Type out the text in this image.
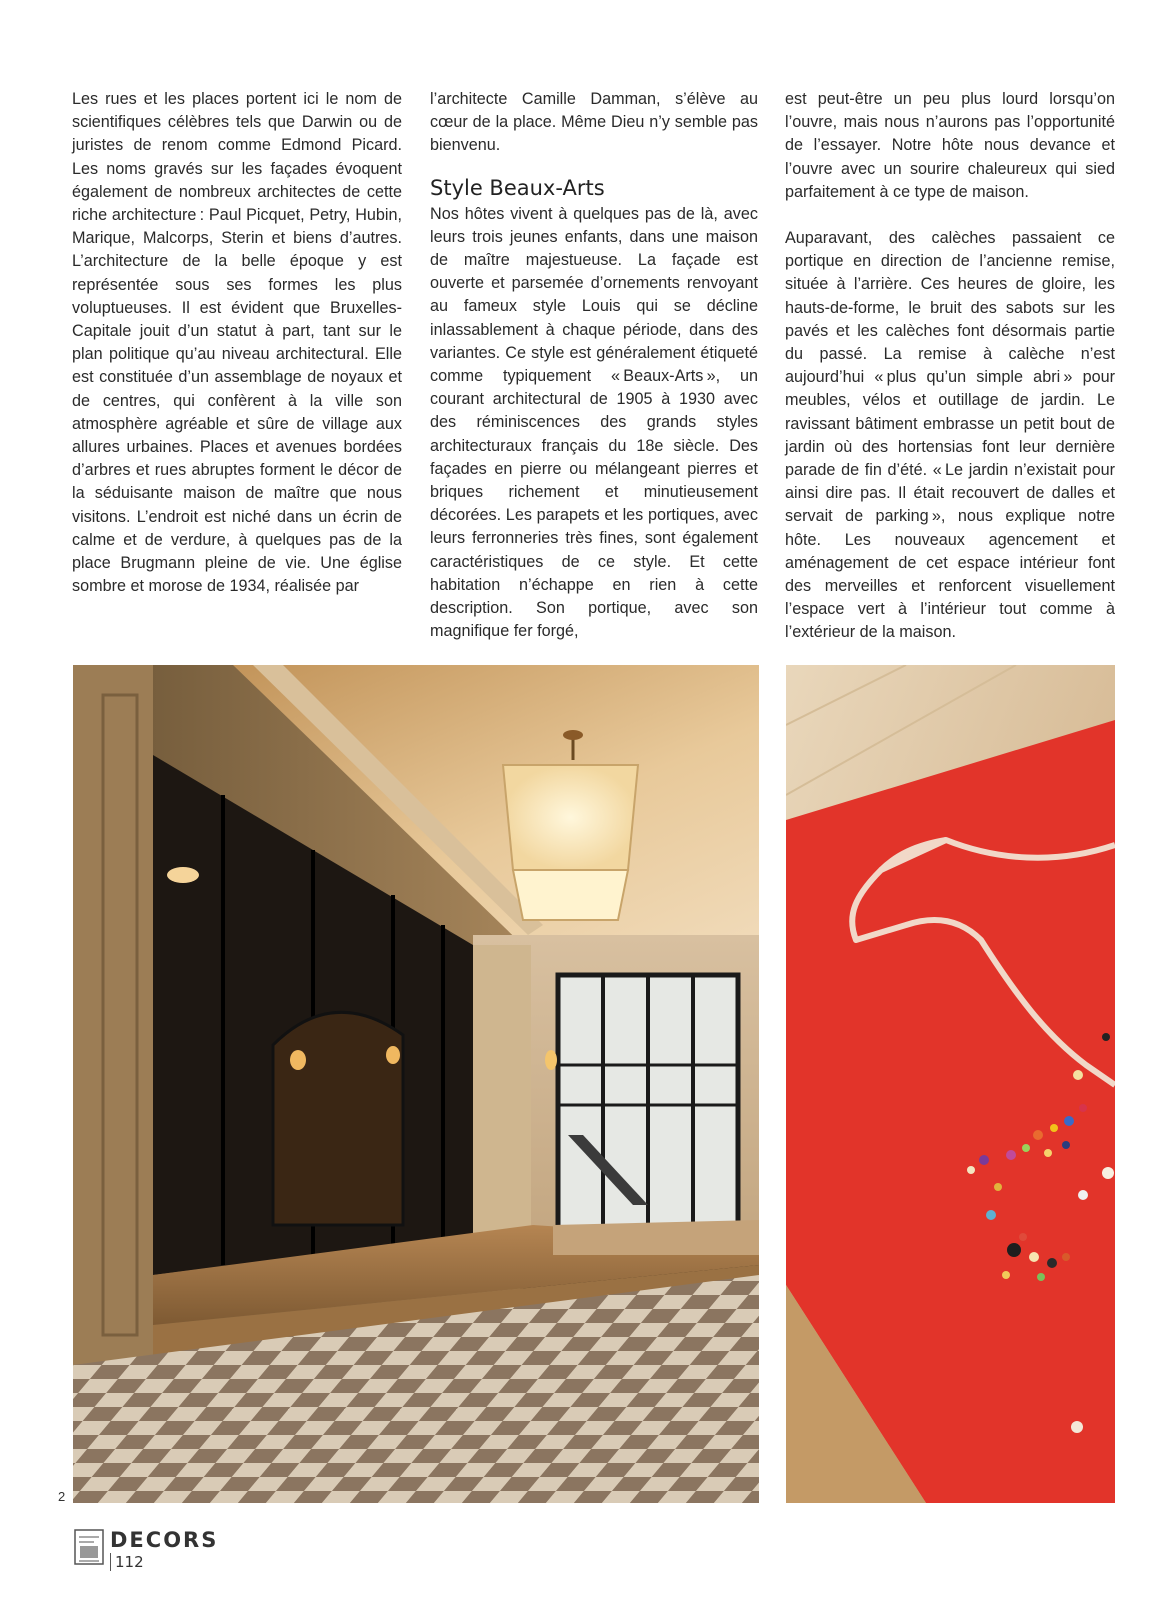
Les rues et les places portent ici le nom de scientifiques célèbres tels que Darwin ou de juristes de renom comme Edmond Picard. Les noms gravés sur les façades évoquent également de nombreux architectes de cette riche architecture : Paul Picquet, Petry, Hubin, Marique, Malcorps, Sterin et biens d’autres. L’architecture de la belle époque y est représentée sous ses formes les plus voluptueuses. Il est évident que Bruxelles-Capitale jouit d’un statut à part, tant sur le plan politique qu’au niveau architectural. Elle est constituée d’un assemblage de noyaux et de centres, qui confèrent à la ville son atmosphère agréable et sûre de village aux allures urbaines. Places et avenues bordées d’arbres et rues abruptes forment le décor de la séduisante maison de maître que nous visitons. L’endroit est niché dans un écrin de calme et de verdure, à quelques pas de la place Brugmann pleine de vie. Une église sombre et morose de 1934, réalisée par

l’architecte Camille Damman, s’élève au cœur de la place. Même Dieu n’y semble pas bienvenu.

Style Beaux-Arts

Nos hôtes vivent à quelques pas de là, avec leurs trois jeunes enfants, dans une maison de maître majestueuse. La façade est ouverte et parsemée d’ornements renvoyant au fameux style Louis qui se décline inlassablement à chaque période, dans des variantes. Ce style est généralement étiqueté comme typiquement « Beaux-Arts », un courant architectural de 1905 à 1930 avec des réminiscences des grands styles architecturaux français du 18e siècle. Des façades en pierre ou mélangeant pierres et briques richement et minutieusement décorées. Les parapets et les portiques, avec leurs ferronneries très fines, sont également caractéristiques de ce style. Et cette habitation n’échappe en rien à cette description. Son portique, avec son magnifique fer forgé,

est peut-être un peu plus lourd lorsqu’on l’ouvre, mais nous n’aurons pas l’opportunité de l’essayer. Notre hôte nous devance et l’ouvre avec un sourire chaleureux qui sied parfaitement à ce type de maison.

Auparavant, des calèches passaient ce portique en direction de l’ancienne remise, située à l’arrière. Ces heures de gloire, les hauts-de-forme, le bruit des sabots sur les pavés et les calèches font désormais partie du passé. La remise à calèche n’est aujourd’hui « plus qu’un simple abri » pour meubles, vélos et outillage de jardin. Le ravissant bâtiment embrasse un petit bout de jardin où des hortensias font leur dernière parade de fin d’été. « Le jardin n’existait pour ainsi dire pas. Il était recouvert de dalles et servait de parking », nous explique notre hôte. Les nouveaux agencement et aménagement de cet espace intérieur font des merveilles et renforcent visuellement l’espace vert à l’intérieur tout comme à l’extérieur de la maison.

2
DECORS
112
